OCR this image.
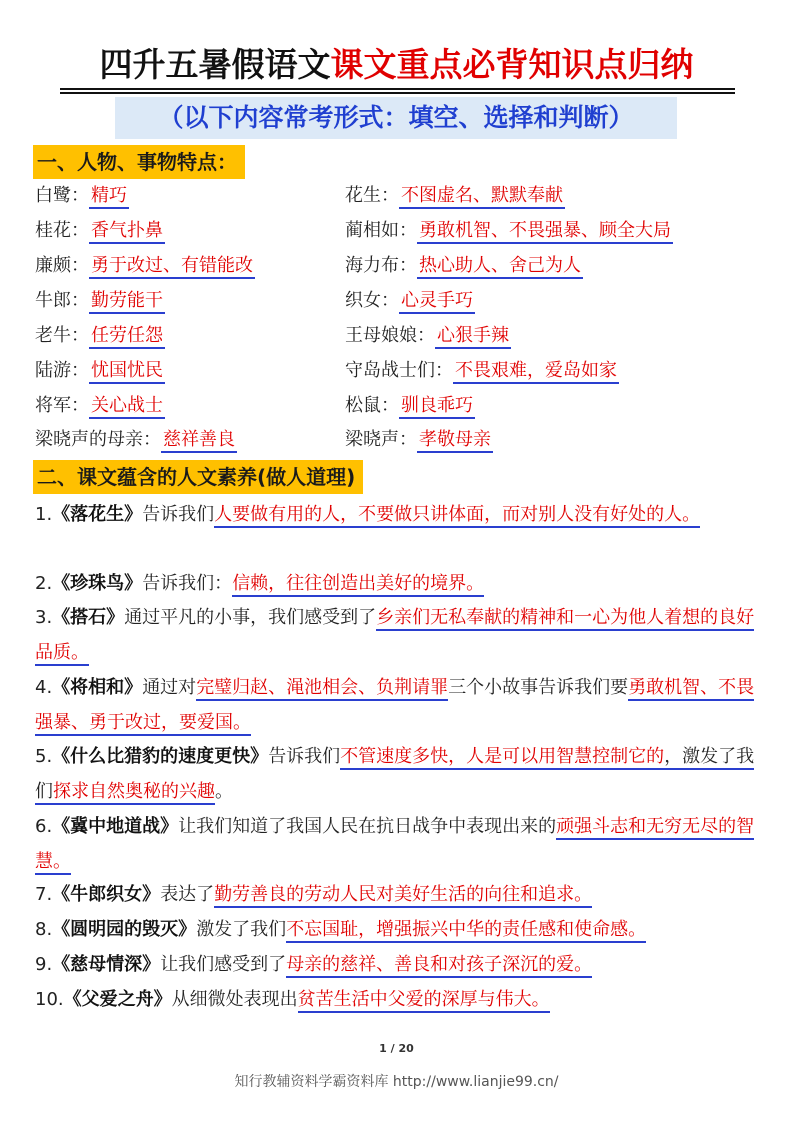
四升五暑假语文课文重点必背知识点归纳
（以下内容常考形式：填空、选择和判断）
一、人物、事物特点：
白鹭： 精巧	花生： 不图虚名、默默奉献
桂花： 香气扑鼻	蔺相如： 勇敢机智、不畏强暴、顾全大局
廉颇： 勇于改过、有错能改	海力布： 热心助人、舍己为人
牛郎： 勤劳能干	织女： 心灵手巧
老牛： 任劳任怨	王母娘娘： 心狠手辣
陆游： 忧国忧民	守岛战士们： 不畏艰难，爱岛如家
将军： 关心战士	松鼠： 驯良乖巧
梁晓声的母亲： 慈祥善良	梁晓声： 孝敬母亲
二、课文蕴含的人文素养(做人道理)
1.《落花生》告诉我们人要做有用的人，不要做只讲体面，而对别人没有好处的人。
2.《珍珠鸟》告诉我们：信赖，往往创造出美好的境界。
3.《搭石》通过平凡的小事，我们感受到了乡亲们无私奉献的精神和一心为他人着想的良好品质。
4.《将相和》通过对完璧归赵、渑池相会、负荆请罪三个小故事告诉我们要勇敢机智、不畏强暴、勇于改过，要爱国。
5.《什么比猎豹的速度更快》告诉我们不管速度多快，人是可以用智慧控制它的，激发了我们探求自然奥秘的兴趣。
6.《冀中地道战》让我们知道了我国人民在抗日战争中表现出来的顽强斗志和无穷无尽的智慧。
7.《牛郎织女》表达了勤劳善良的劳动人民对美好生活的向往和追求。
8.《圆明园的毁灭》激发了我们不忘国耻，增强振兴中华的责任感和使命感。
9.《慈母情深》让我们感受到了母亲的慈祥、善良和对孩子深沉的爱。
10.《父爱之舟》从细微处表现出贫苦生活中父爱的深厚与伟大。
1 / 20
知行教辅资料学霸资料库 http://www.lianjie99.cn/
